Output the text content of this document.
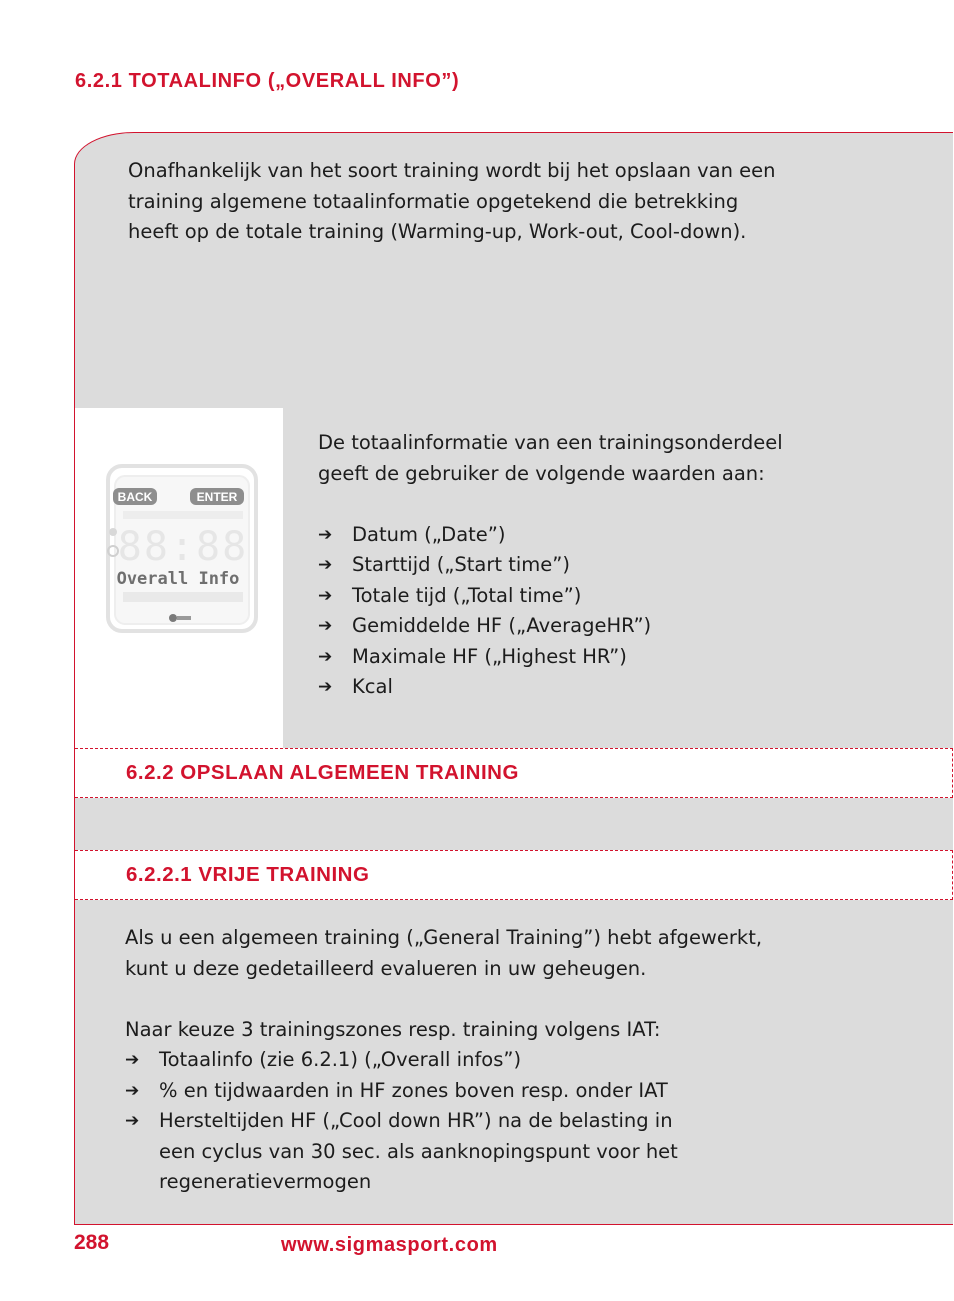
6.2.1 TOTAALINFO („OVERALL INFO”)
Onafhankelijk van het soort training wordt bij het opslaan van een
training algemene totaalinformatie opgetekend die betrekking
heeft op de totale training (Warming-up, Work-out, Cool-down).
BACK	ENTER
88:88
Overall Info
De totaalinformatie van een trainingsonderdeel
geeft de gebruiker de volgende waarden aan:
➔ Datum („Date”)
➔ Starttijd („Start time”)
➔ Totale tijd („Total time”)
➔ Gemiddelde HF („AverageHR”)
➔ Maximale HF („Highest HR”)
➔ Kcal
6.2.2 OPSLAAN ALGEMEEN TRAINING
6.2.2.1 VRIJE TRAINING
Als u een algemeen training („General Training”) hebt afgewerkt,
kunt u deze gedetailleerd evalueren in uw geheugen.
Naar keuze 3 trainingszones resp. training volgens IAT:
➔ Totaalinfo (zie 6.2.1) („Overall infos”)
➔ % en tijdwaarden in HF zones boven resp. onder IAT
➔ Hersteltijden HF („Cool down HR”) na de belasting in
een cyclus van 30 sec. als aanknopingspunt voor het
regeneratievermogen
288	www.sigmasport.com
